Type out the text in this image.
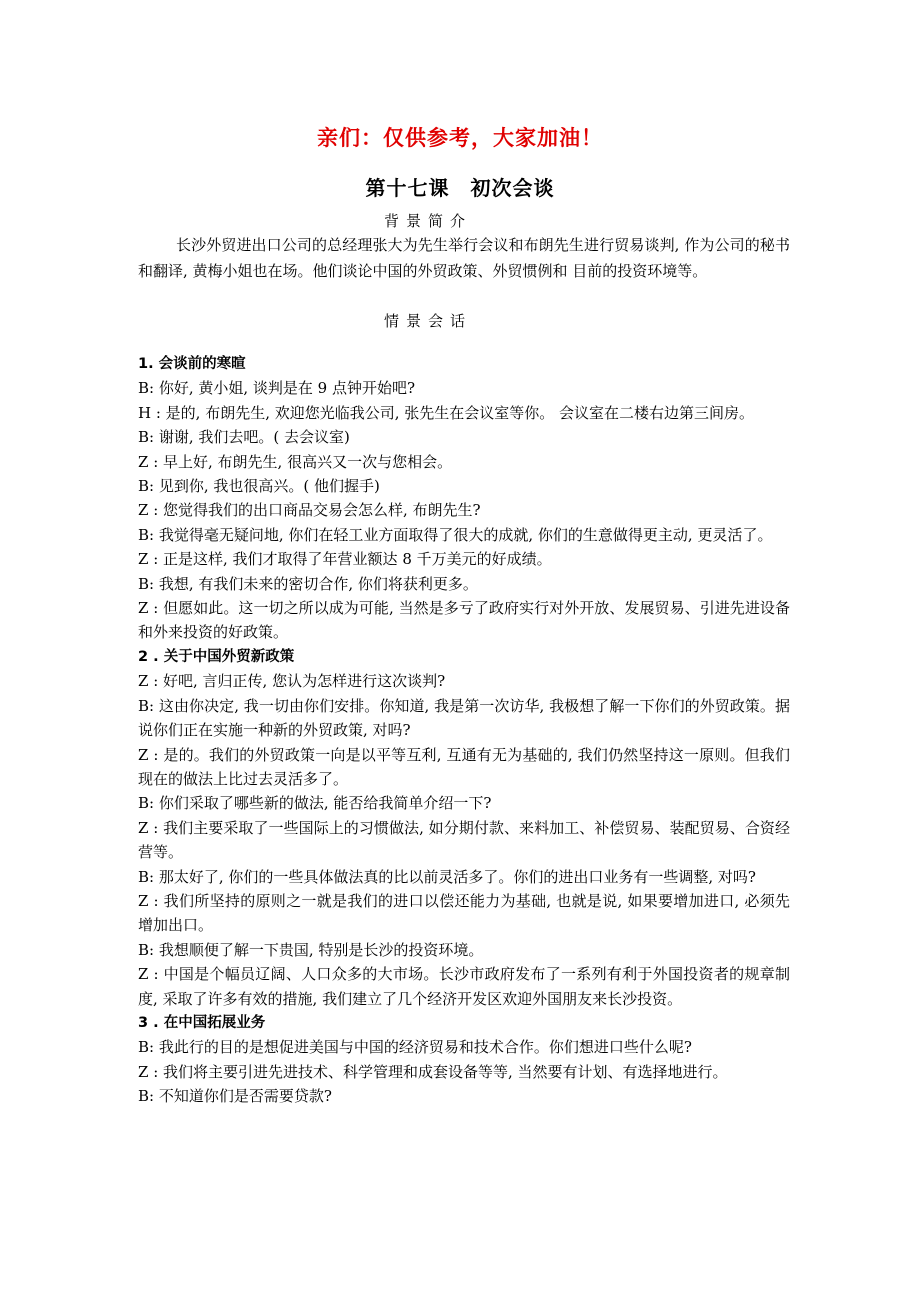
亲们：仅供参考，大家加油！
第十七课　初次会谈
背景简介
长沙外贸进出口公司的总经理张大为先生举行会议和布朗先生进行贸易谈判, 作为公司的秘书和翻译, 黄梅小姐也在场。他们谈论中国的外贸政策、外贸惯例和 目前的投资环境等。
情景会话
1. 会谈前的寒暄
B: 你好, 黄小姐, 谈判是在 9 点钟开始吧?
H : 是的, 布朗先生, 欢迎您光临我公司, 张先生在会议室等你。 会议室在二楼右边第三间房。
B: 谢谢, 我们去吧。( 去会议室)
Z : 早上好, 布朗先生, 很高兴又一次与您相会。
B: 见到你, 我也很高兴。( 他们握手)
Z : 您觉得我们的出口商品交易会怎么样, 布朗先生?
B: 我觉得毫无疑问地, 你们在轻工业方面取得了很大的成就, 你们的生意做得更主动, 更灵活了。
Z : 正是这样, 我们才取得了年营业额达 8 千万美元的好成绩。
B: 我想, 有我们未来的密切合作, 你们将获利更多。
Z : 但愿如此。这一切之所以成为可能, 当然是多亏了政府实行对外开放、发展贸易、引进先进设备和外来投资的好政策。
2 . 关于中国外贸新政策
Z : 好吧, 言归正传, 您认为怎样进行这次谈判?
B: 这由你决定, 我一切由你们安排。你知道, 我是第一次访华, 我极想了解一下你们的外贸政策。据说你们正在实施一种新的外贸政策, 对吗?
Z : 是的。我们的外贸政策一向是以平等互利, 互通有无为基础的, 我们仍然坚持这一原则。但我们现在的做法上比过去灵活多了。
B: 你们采取了哪些新的做法, 能否给我简单介绍一下?
Z : 我们主要采取了一些国际上的习惯做法, 如分期付款、来料加工、补偿贸易、装配贸易、合资经营等。
B: 那太好了, 你们的一些具体做法真的比以前灵活多了。你们的进出口业务有一些调整, 对吗?
Z : 我们所坚持的原则之一就是我们的进口以偿还能力为基础, 也就是说, 如果要增加进口, 必须先增加出口。
B: 我想顺便了解一下贵国, 特别是长沙的投资环境。
Z : 中国是个幅员辽阔、人口众多的大市场。长沙市政府发布了一系列有利于外国投资者的规章制度, 采取了许多有效的措施, 我们建立了几个经济开发区欢迎外国朋友来长沙投资。
3 . 在中国拓展业务
B: 我此行的目的是想促进美国与中国的经济贸易和技术合作。你们想进口些什么呢?
Z : 我们将主要引进先进技术、科学管理和成套设备等等, 当然要有计划、有选择地进行。
B: 不知道你们是否需要贷款?
